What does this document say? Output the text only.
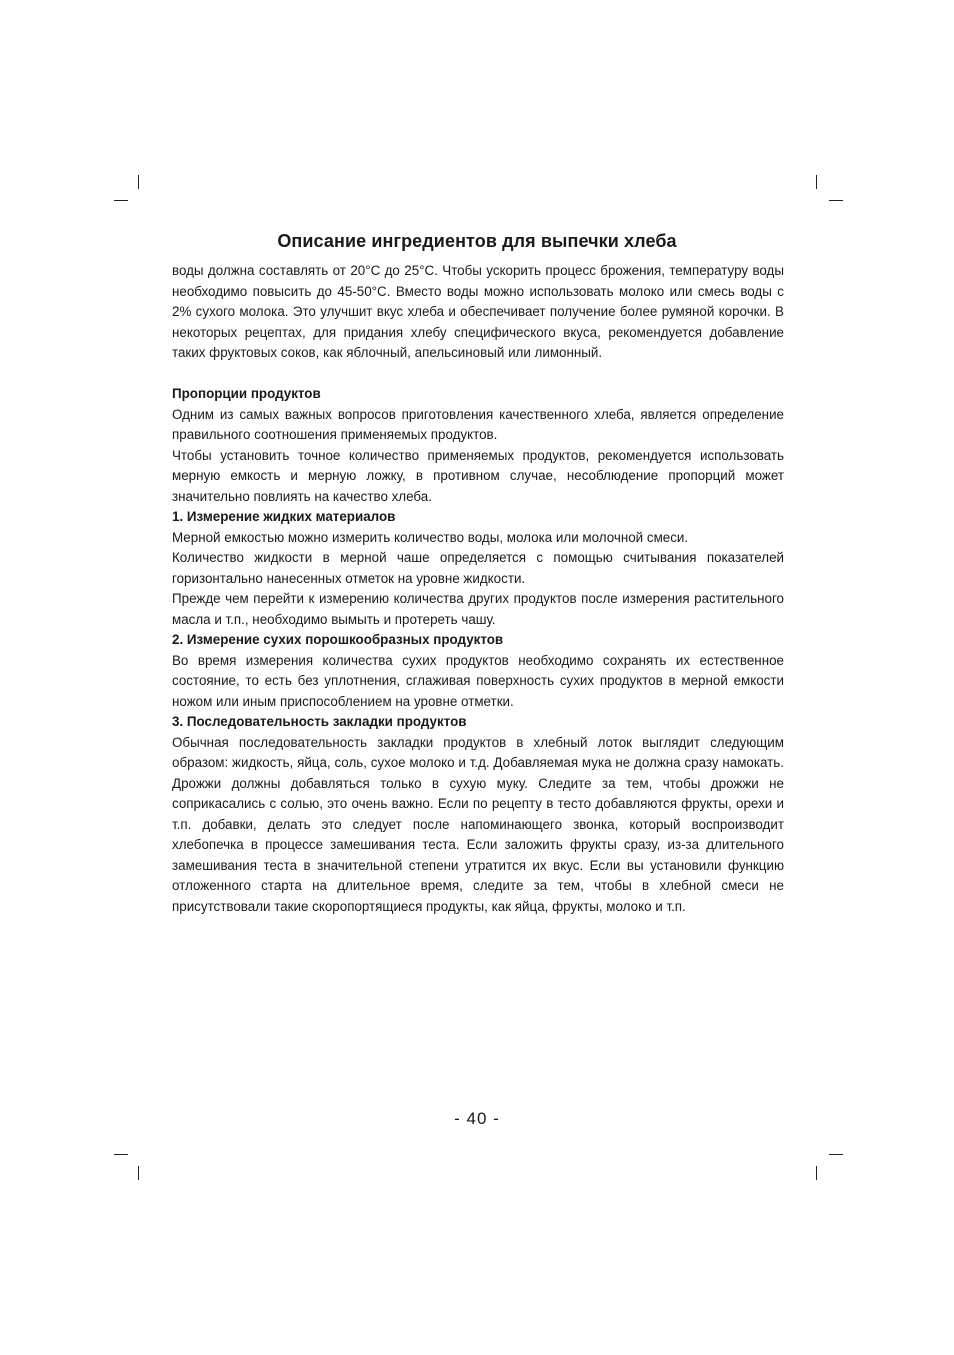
Описание ингредиентов для выпечки хлеба

воды должна составлять от 20°С до 25°С. Чтобы ускорить процесс брожения, температуру воды необходимо повысить до 45-50°С. Вместо воды можно использовать молоко или смесь воды с 2% сухого молока. Это улучшит вкус хлеба и обеспечивает получение более румяной корочки. В некоторых рецептах, для придания хлебу специфического вкуса, рекомендуется добавление таких фруктовых соков, как яблочный, апельсиновый или лимонный.

Пропорции продуктов

Одним из самых важных вопросов приготовления качественного хлеба, является определение правильного соотношения применяемых продуктов.

Чтобы установить точное количество применяемых продуктов, рекомендуется использовать мерную емкость и мерную ложку, в противном случае, несоблюдение пропорций может значительно повлиять на качество хлеба.

1. Измерение жидких материалов

Мерной емкостью можно измерить количество воды, молока или молочной смеси.

Количество жидкости в мерной чаше определяется с помощью считывания показателей горизонтально нанесенных отметок на уровне жидкости.

Прежде чем перейти к измерению количества других продуктов после измерения растительного масла и т.п., необходимо вымыть и протереть чашу.

2. Измерение сухих порошкообразных продуктов

Во время измерения количества сухих продуктов необходимо сохранять их естественное состояние, то есть без уплотнения, сглаживая поверхность сухих продуктов в мерной емкости ножом или иным приспособлением на уровне отметки.

3. Последовательность закладки продуктов

Обычная последовательность закладки продуктов в хлебный лоток выглядит следующим образом: жидкость, яйца, соль, сухое молоко и т.д. Добавляемая мука не должна сразу намокать. Дрожжи должны добавляться только в сухую муку. Следите за тем, чтобы дрожжи не соприкасались с солью, это очень важно. Если по рецепту в тесто добавляются фрукты, орехи и т.п. добавки, делать это следует после напоминающего звонка, который воспроизводит хлебопечка в процессе замешивания теста. Если заложить фрукты сразу, из-за длительного замешивания теста в значительной степени утратится их вкус. Если вы установили функцию отложенного старта на длительное время, следите за тем, чтобы в хлебной смеси не присутствовали такие скоропортящиеся продукты, как яйца, фрукты, молоко и т.п.

- 40 -
